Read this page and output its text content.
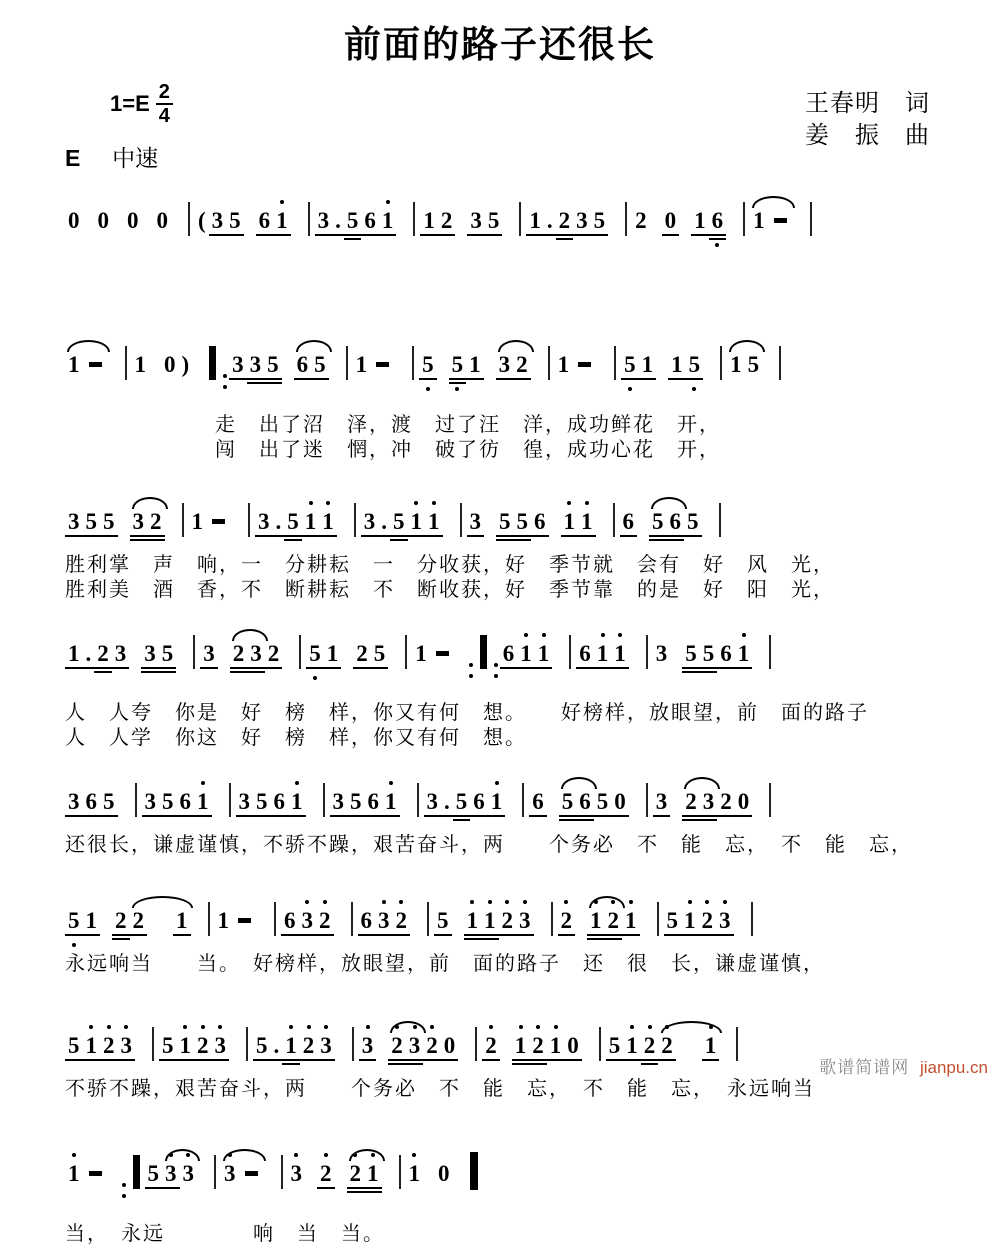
前面的路子还很长
$1=E \frac{2}{4}$	王春明　词
姜　振　曲
E 中速
0 0 0 0 ( 3 5 6 1 3 . 5 6 1 1 2 3 5 1 . 2 3 5 2 0 1 6 1
1 1 0 ) 3 3 5 6 5 1 5 5 1 3 2 1 5 1 1 5 1 5
走　出了沼　泽，渡　过了汪　洋，成功鲜花　开，
闯　出了迷　惘，冲　破了彷　徨，成功心花　开，
3 5 5 3 2 1 3 . 5 1 1 3 . 5 1 1 3 5 5 6 1 1 6 5 6 5
胜利掌　声　响，一　分耕耘　一　分收获，好　季节就　会有　好　风　光，
胜利美　酒　香，不　断耕耘　不　断收获，好　季节靠　的是　好　阳　光，
1 . 2 3 3 5 3 2 3 2 5 1 2 5 1	6 1 1 6 1 1 3 5 5 6 1
人　人夸　你是　好　榜　样，你又有何　想。　　好榜样，放眼望，前　面的路子
人　人学　你这　好　榜　样，你又有何　想。
3 6 5 3 5 6 1 3 5 6 1 3 5 6 1 3 . 5 6 1 6 5 6 5 0 3 2 3 2 0
还很长，谦虚谨慎，不骄不躁，艰苦奋斗，两　　个务必　不　能　忘，　不　能　忘，
5 1 2 2 1 1 6 3 2 6 3 2 5 1 1 2 3 2 1 2 1 5 1 2 3
永远响当　　当。　好榜样，放眼望，前　面的路子　还　很　长，谦虚谨慎，
5 1 2 3 5 1 2 3 5 . 1 2 3 3 2 3 2 0 2 1 2 1 0 5 1 2 2 1
不骄不躁，艰苦奋斗，两　　个务必　不　能　忘，　不　能　忘，　永远响当
1	5 3 3 3 3 2 2 1 1 0
当，　永远　　　　响　当　当。
歌谱简谱网 jianpu.cn
